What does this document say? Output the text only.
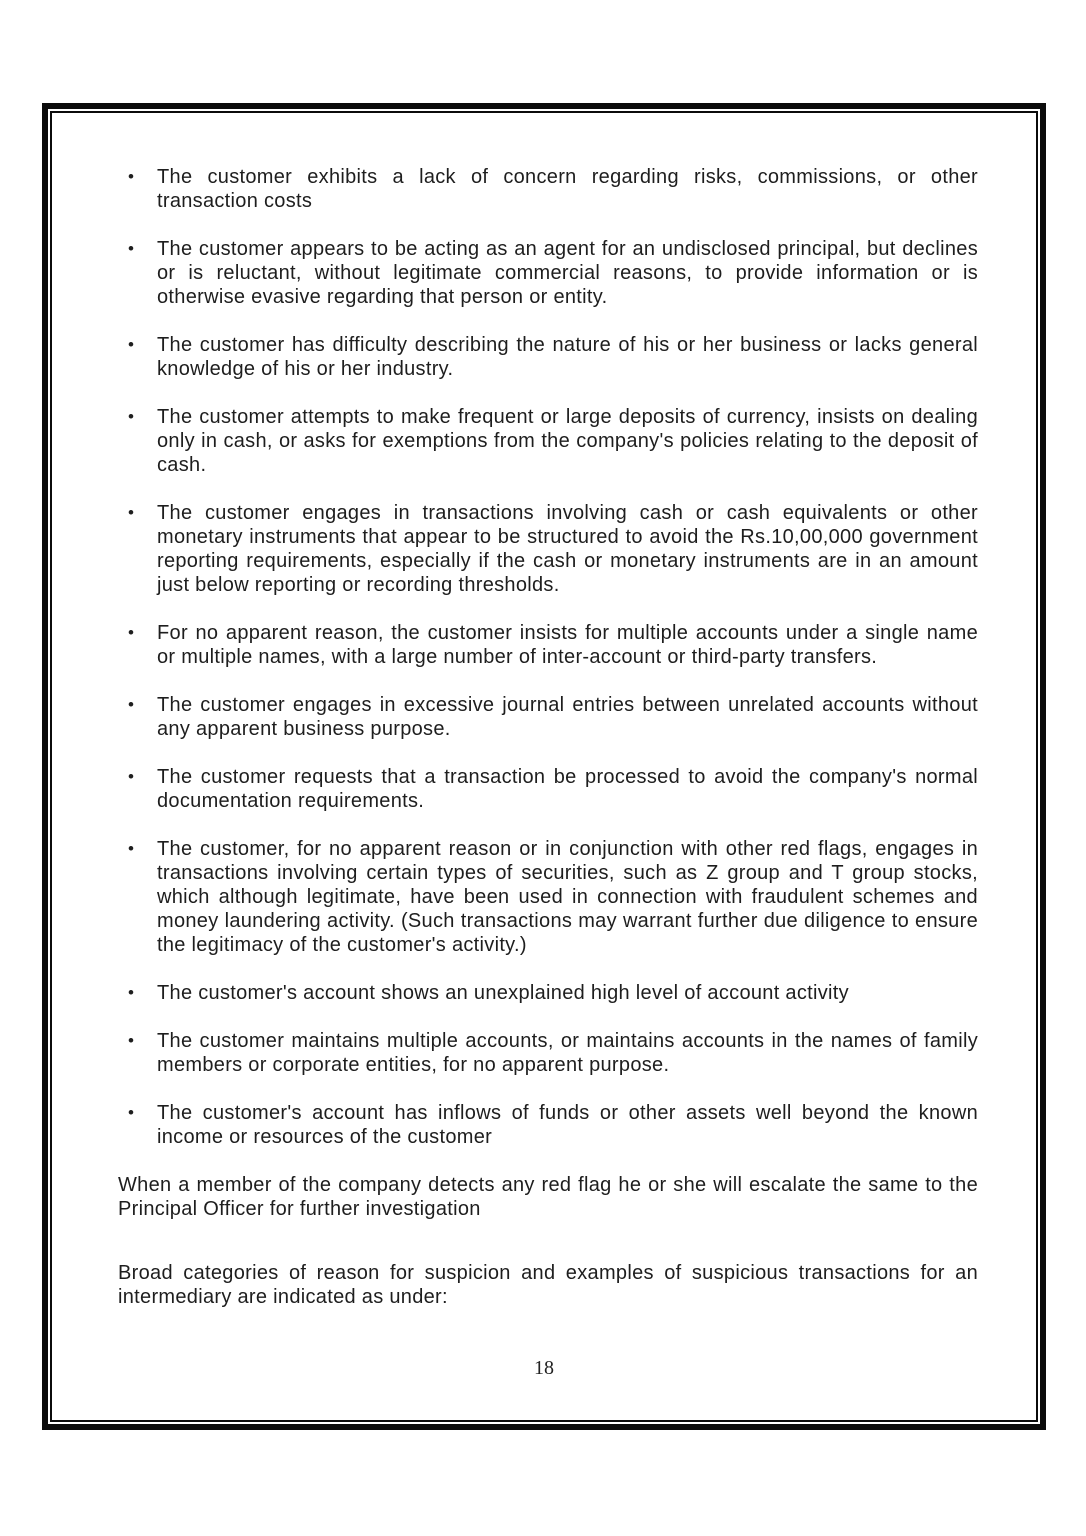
•	The customer exhibits a lack of concern regarding risks, commissions, or other transaction costs
•	The customer appears to be acting as an agent for an undisclosed principal, but declines or is reluctant, without legitimate commercial reasons, to provide information or is otherwise evasive regarding that person or entity.
•	The customer has difficulty describing the nature of his or her business or lacks general knowledge of his or her industry.
•	The customer attempts to make frequent or large deposits of currency, insists on dealing only in cash, or asks for exemptions from the company's policies relating to the deposit of cash.
•	The customer engages in transactions involving cash or cash equivalents or other monetary instruments that appear to be structured to avoid the Rs.10,00,000 government reporting requirements, especially if the cash or monetary instruments are in an amount just below reporting or recording thresholds.
•	For no apparent reason, the customer insists for multiple accounts under a single name or multiple names, with a large number of inter-account or third-party transfers.
•	The customer engages in excessive journal entries between unrelated accounts without any apparent business purpose.
•	The customer requests that a transaction be processed to avoid the company's normal documentation requirements.
•	The customer, for no apparent reason or in conjunction with other red flags, engages in transactions involving certain types of securities, such as Z group and T group stocks, which although legitimate, have been used in connection with fraudulent schemes and money laundering activity. (Such transactions may warrant further due diligence to ensure the legitimacy of the customer's activity.)
•	The customer's account shows an unexplained high level of account activity
•	The customer maintains multiple accounts, or maintains accounts in the names of family members or corporate entities, for no apparent purpose.
•	The customer's account has inflows of funds or other assets well beyond the known income or resources of the customer

When a member of the company detects any red flag he or she will escalate the same to the Principal Officer for further investigation

Broad categories of reason for suspicion and examples of suspicious transactions for an intermediary are indicated as under:

18
